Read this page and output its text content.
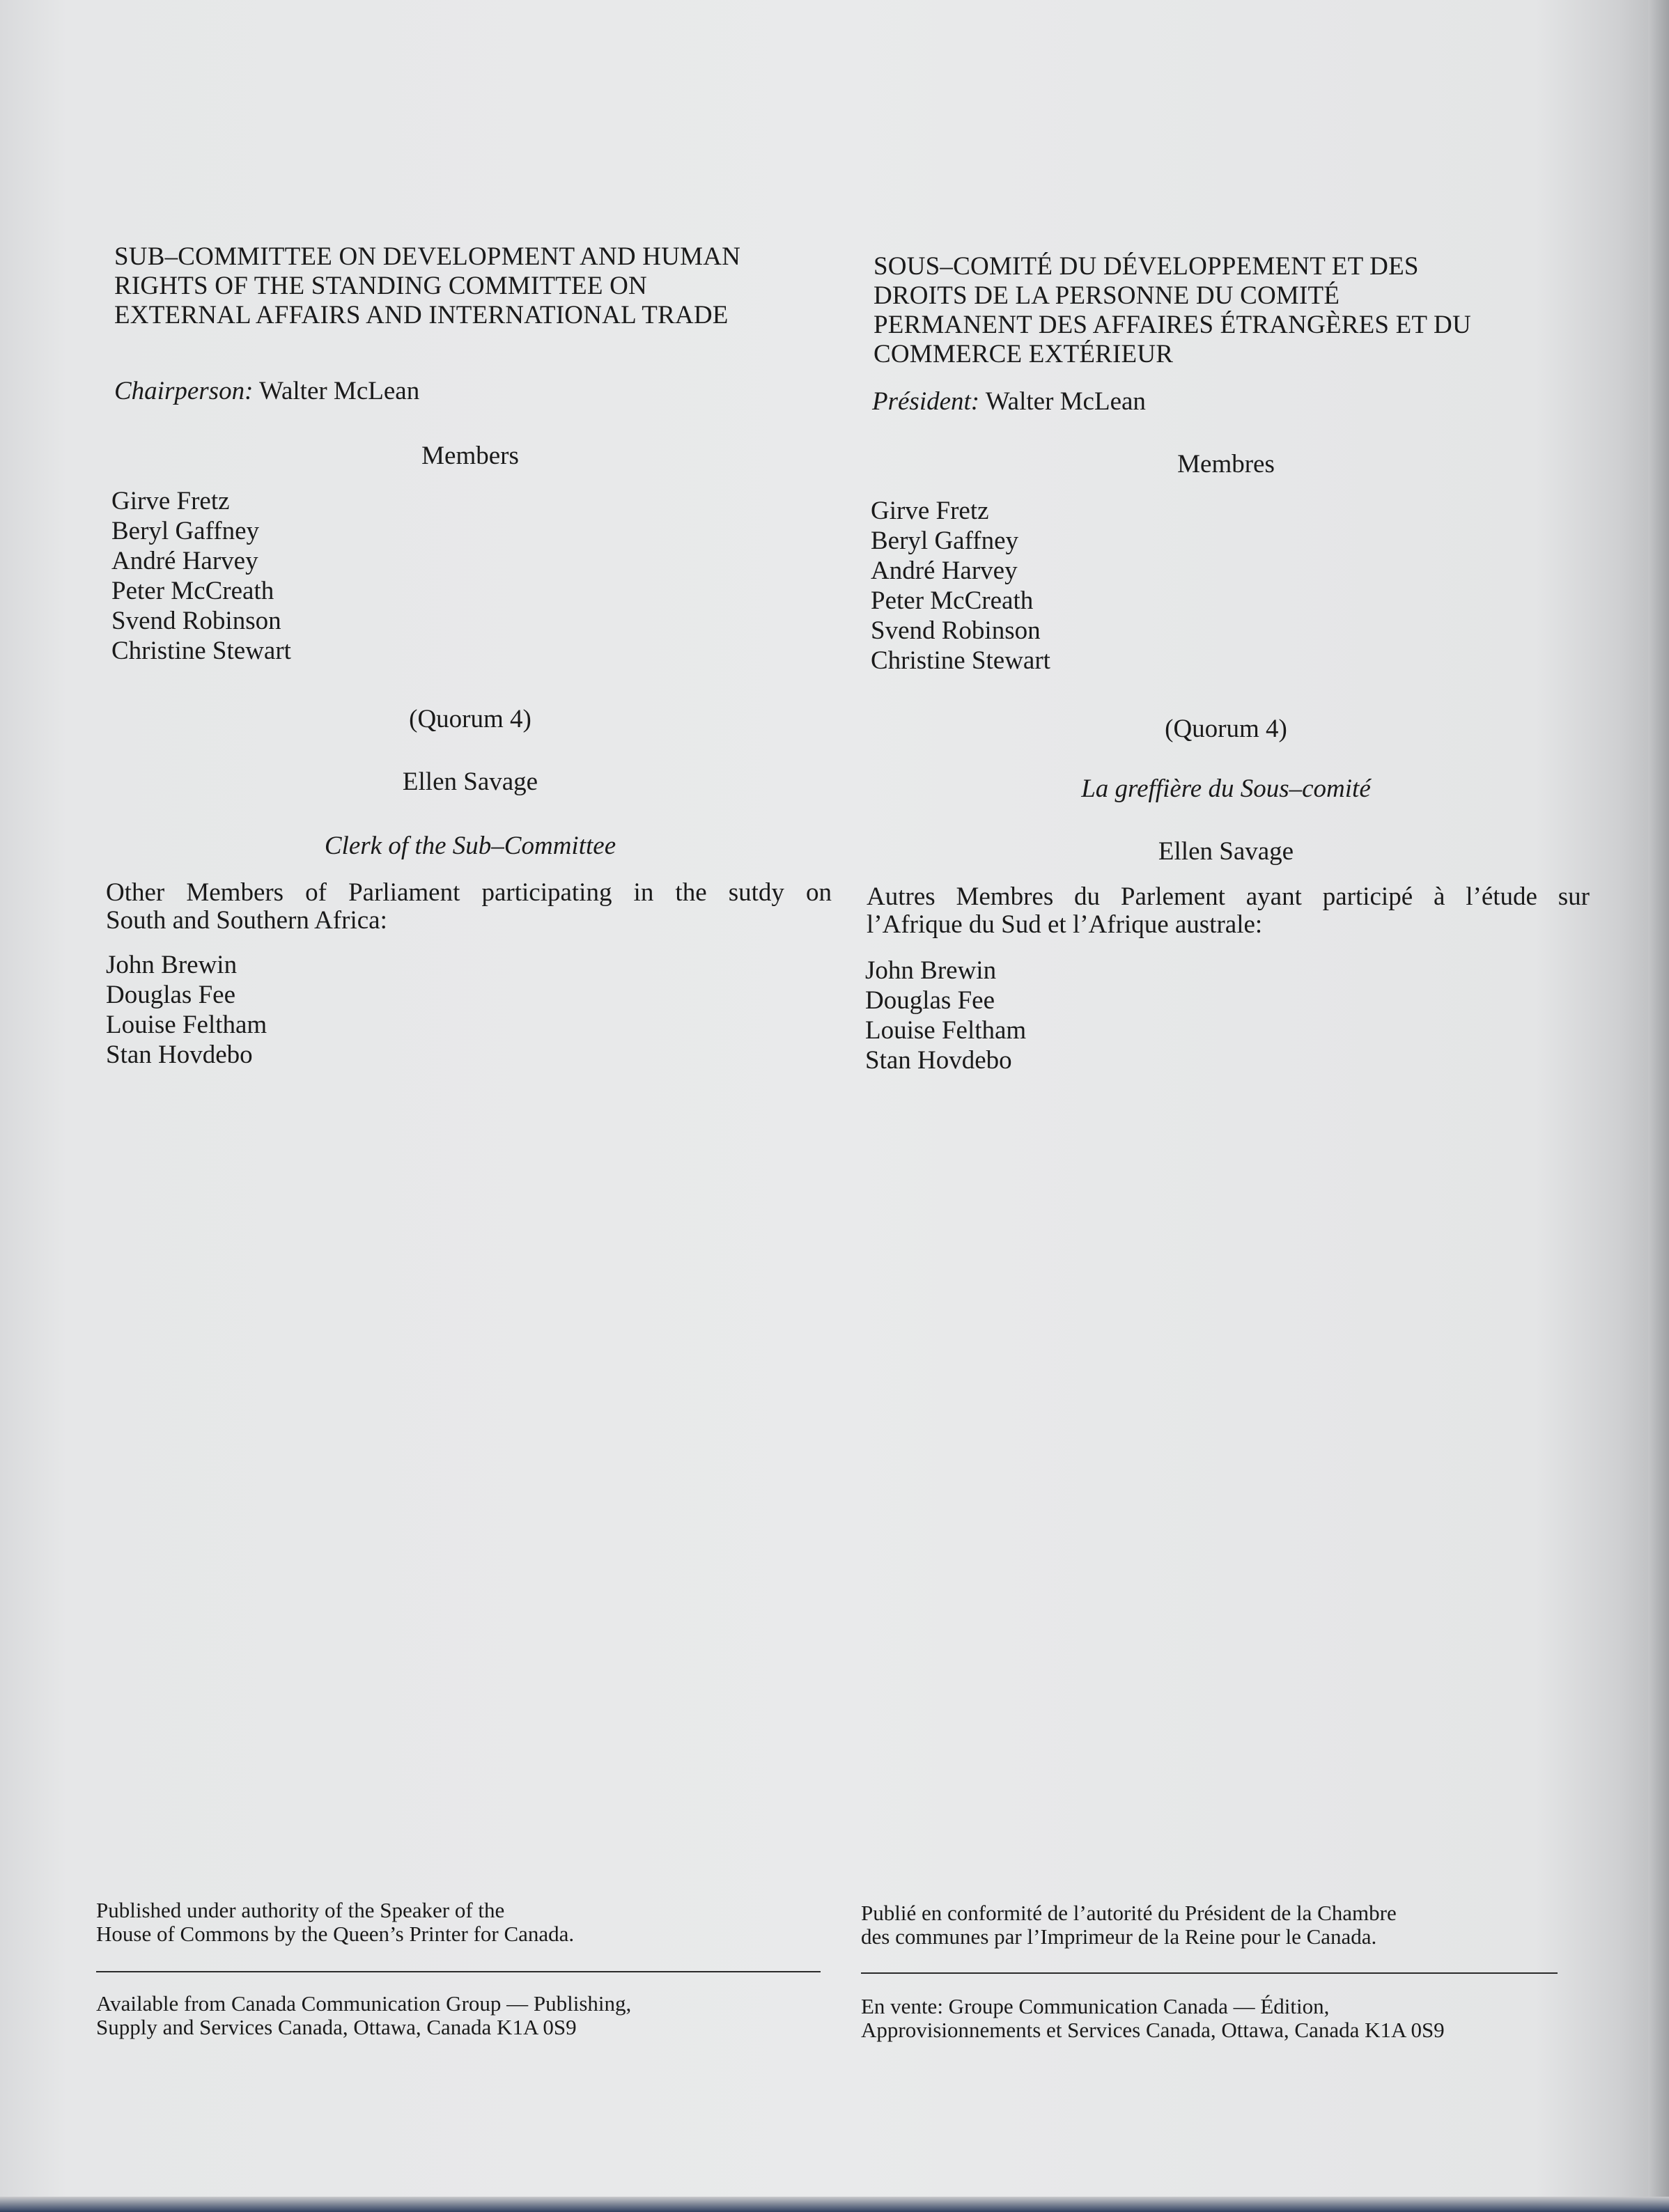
SUB–COMMITTEE ON DEVELOPMENT AND HUMAN
RIGHTS OF THE STANDING COMMITTEE ON
EXTERNAL AFFAIRS AND INTERNATIONAL TRADE
Chairperson: Walter McLean
Members
Girve Fretz
Beryl Gaffney
André Harvey
Peter McCreath
Svend Robinson
Christine Stewart
(Quorum 4)
Ellen Savage
Clerk of the Sub–Committee

Other Members of Parliament participating in the sutdy on
South and Southern Africa:

John Brewin
Douglas Fee
Louise Feltham
Stan Hovdebo

Published under authority of the Speaker of the
House of Commons by the Queen’s Printer for Canada.

Available from Canada Communication Group — Publishing,
Supply and Services Canada, Ottawa, Canada K1A 0S9

SOUS–COMITÉ DU DÉVELOPPEMENT ET DES
DROITS DE LA PERSONNE DU COMITÉ
PERMANENT DES AFFAIRES ÉTRANGÈRES ET DU
COMMERCE EXTÉRIEUR
Président: Walter McLean
Membres
Girve Fretz
Beryl Gaffney
André Harvey
Peter McCreath
Svend Robinson
Christine Stewart
(Quorum 4)
La greffière du Sous–comité
Ellen Savage

Autres Membres du Parlement ayant participé à l’étude sur
l’Afrique du Sud et l’Afrique australe:

John Brewin
Douglas Fee
Louise Feltham
Stan Hovdebo

Publié en conformité de l’autorité du Président de la Chambre
des communes par l’Imprimeur de la Reine pour le Canada.

En vente: Groupe Communication Canada — Édition,
Approvisionnements et Services Canada, Ottawa, Canada K1A 0S9
